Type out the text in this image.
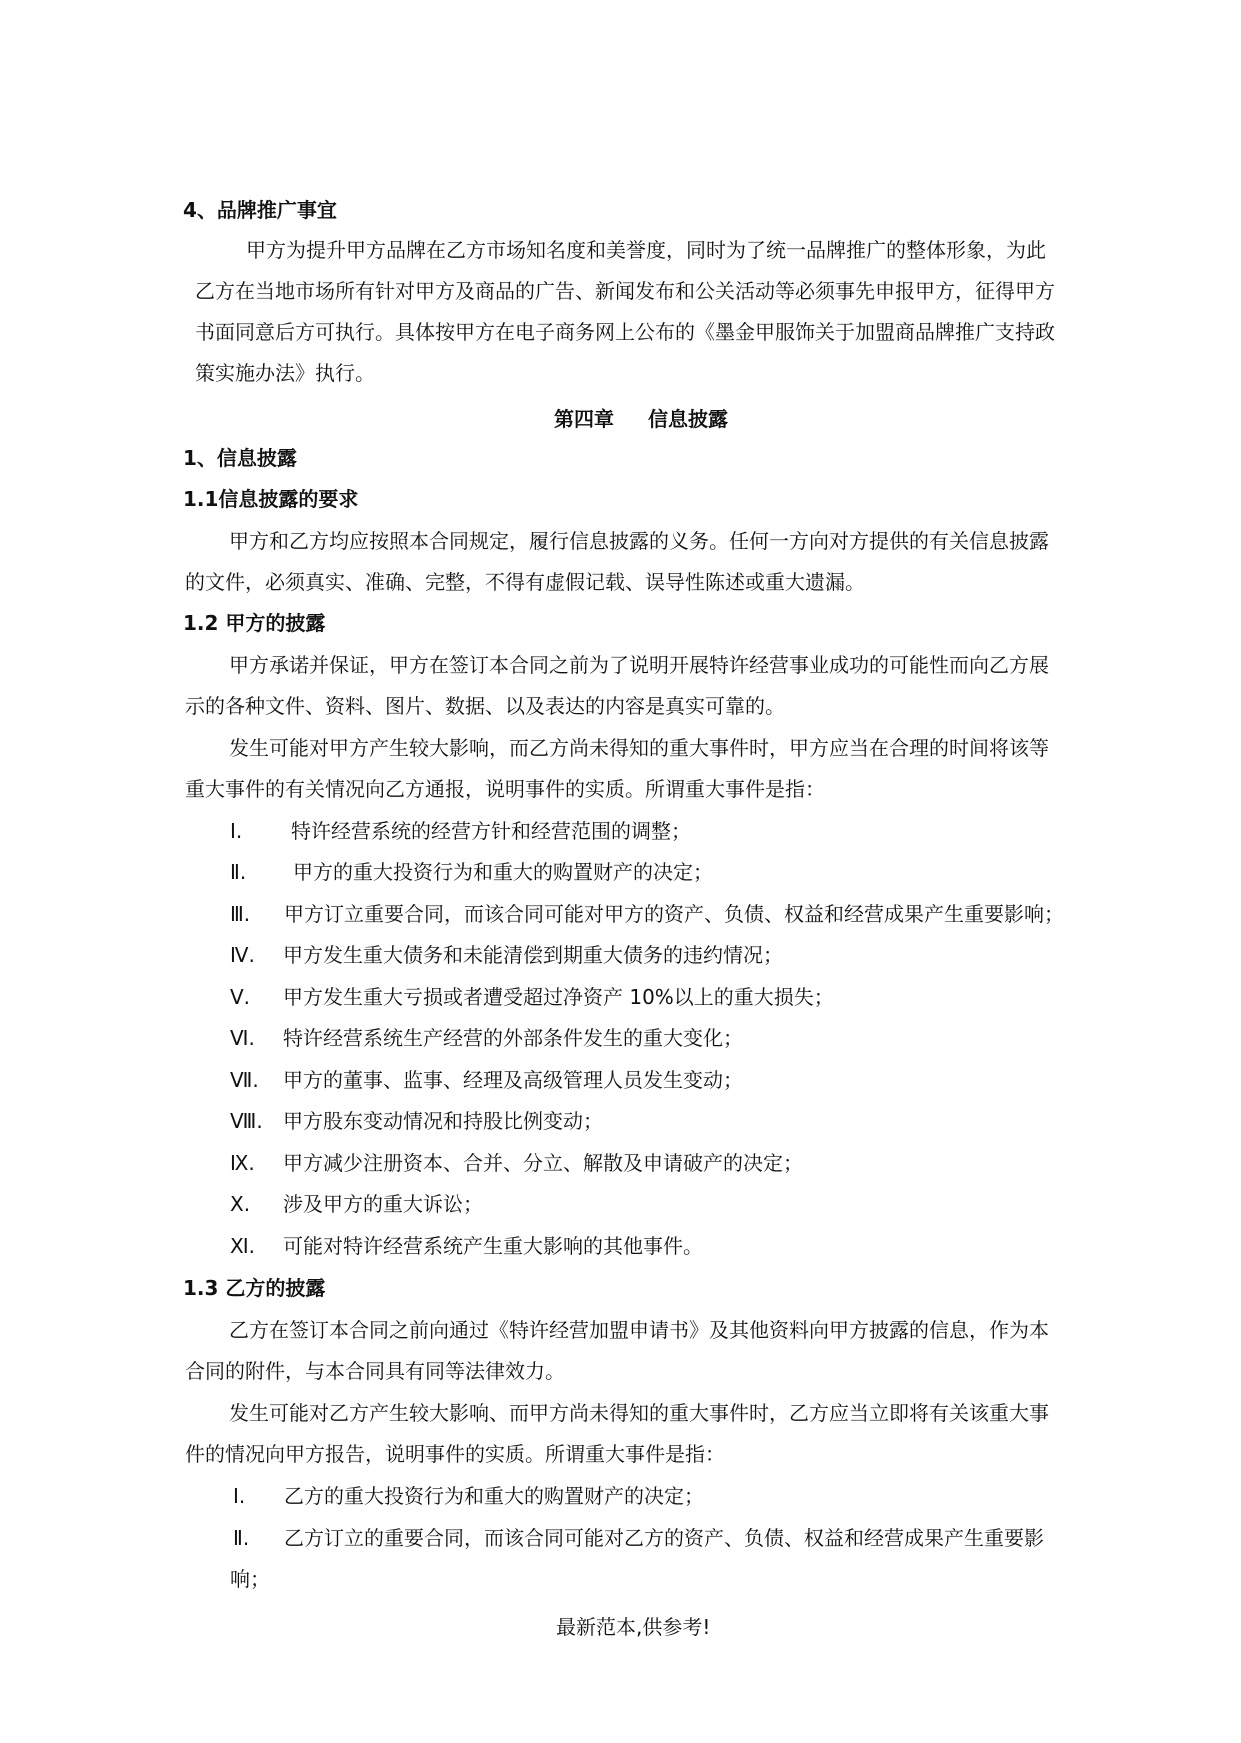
4、品牌推广事宜
甲方为提升甲方品牌在乙方市场知名度和美誉度，同时为了统一品牌推广的整体形象，为此
乙方在当地市场所有针对甲方及商品的广告、新闻发布和公关活动等必须事先申报甲方，征得甲方
书面同意后方可执行。具体按甲方在电子商务网上公布的《墨金甲服饰关于加盟商品牌推广支持政
策实施办法》执行。
第四章 信息披露
1、信息披露
1.1信息披露的要求
甲方和乙方均应按照本合同规定，履行信息披露的义务。任何一方向对方提供的有关信息披露
的文件，必须真实、准确、完整，不得有虚假记载、误导性陈述或重大遗漏。
1.2 甲方的披露
甲方承诺并保证，甲方在签订本合同之前为了说明开展特许经营事业成功的可能性而向乙方展
示的各种文件、资料、图片、数据、以及表达的内容是真实可靠的。
发生可能对甲方产生较大影响，而乙方尚未得知的重大事件时，甲方应当在合理的时间将该等
重大事件的有关情况向乙方通报，说明事件的实质。所谓重大事件是指：
Ⅰ.	特许经营系统的经营方针和经营范围的调整；
Ⅱ.	甲方的重大投资行为和重大的购置财产的决定；
Ⅲ.	甲方订立重要合同，而该合同可能对甲方的资产、负债、权益和经营成果产生重要影响；
Ⅳ.	甲方发生重大债务和未能清偿到期重大债务的违约情况；
Ⅴ.	甲方发生重大亏损或者遭受超过净资产 10%以上的重大损失；
Ⅵ.	特许经营系统生产经营的外部条件发生的重大变化；
Ⅶ.	甲方的董事、监事、经理及高级管理人员发生变动；
Ⅷ.	甲方股东变动情况和持股比例变动；
Ⅸ.	甲方减少注册资本、合并、分立、解散及申请破产的决定；
Ⅹ.	涉及甲方的重大诉讼；
Ⅺ.	可能对特许经营系统产生重大影响的其他事件。
1.3 乙方的披露
乙方在签订本合同之前向通过《特许经营加盟申请书》及其他资料向甲方披露的信息，作为本
合同的附件，与本合同具有同等法律效力。
发生可能对乙方产生较大影响、而甲方尚未得知的重大事件时，乙方应当立即将有关该重大事
件的情况向甲方报告，说明事件的实质。所谓重大事件是指：
Ⅰ.	乙方的重大投资行为和重大的购置财产的决定；
Ⅱ.	乙方订立的重要合同，而该合同可能对乙方的资产、负债、权益和经营成果产生重要影
响；
最新范本,供参考!
